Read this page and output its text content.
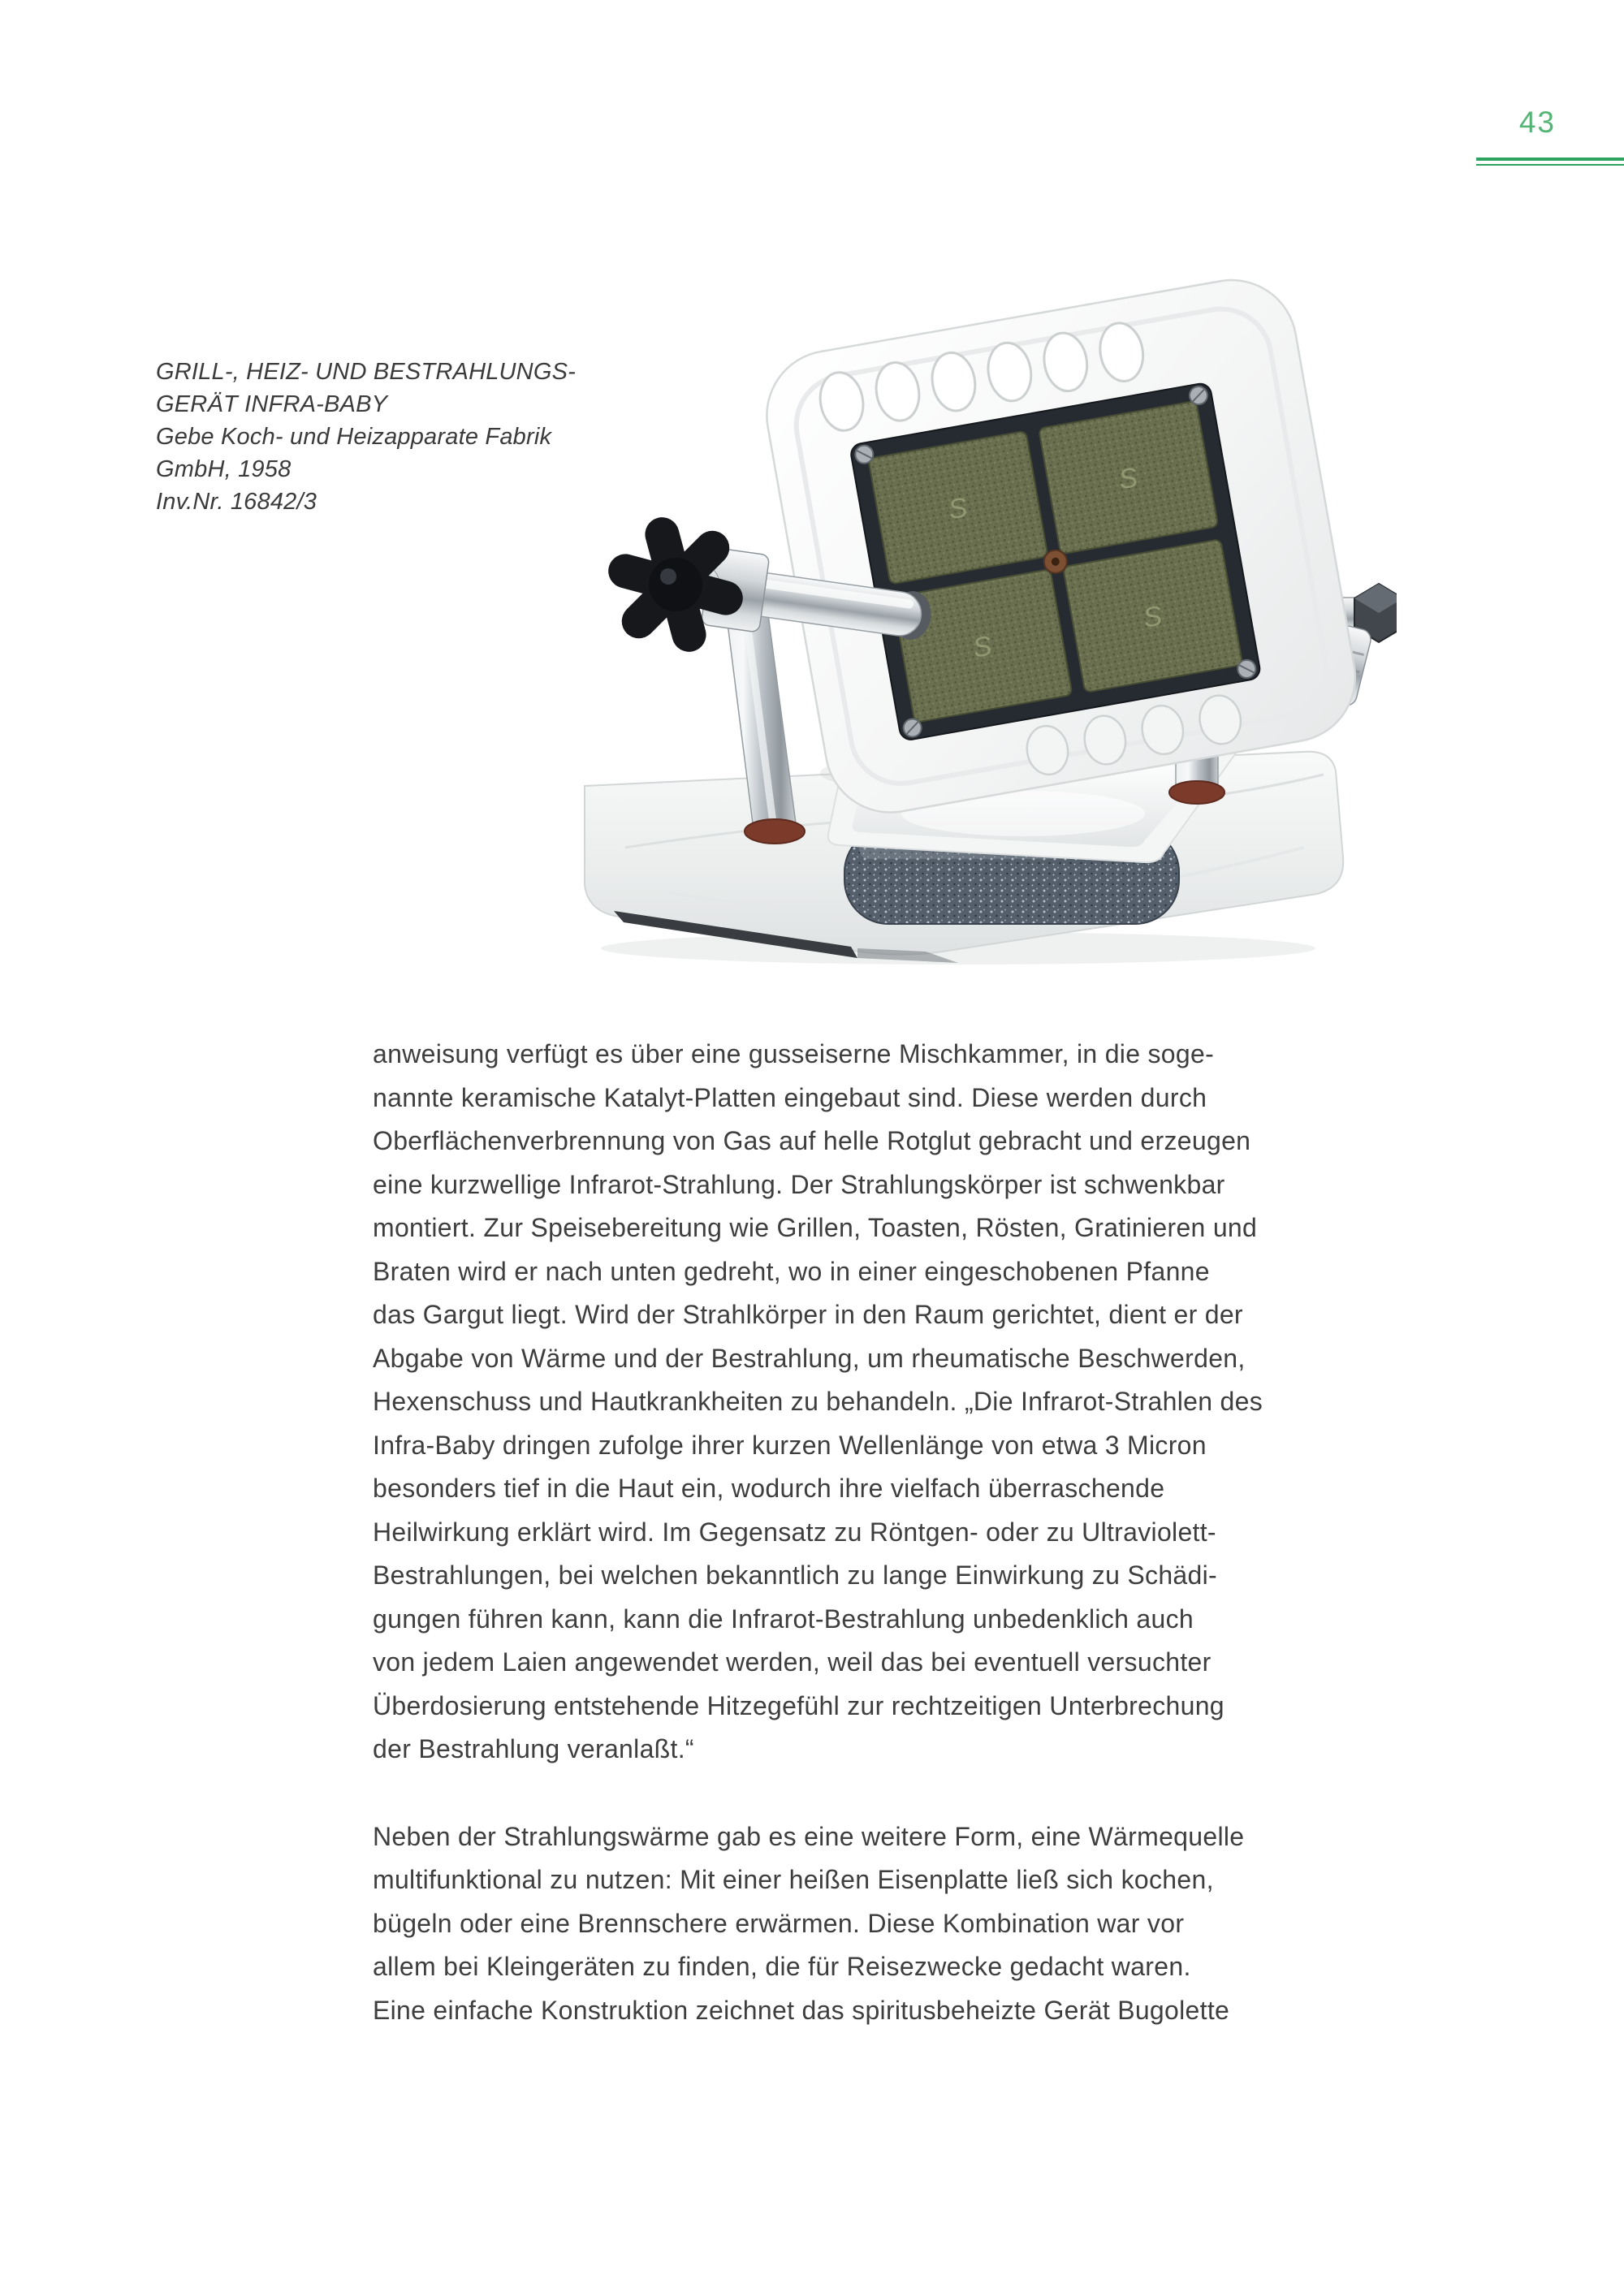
43
GRILL-, HEIZ- UND BESTRAHLUNGS-
GERÄT INFRA-BABY
Gebe Koch- und Heizapparate Fabrik
GmbH, 1958
Inv.Nr. 16842/3	S
S
S
S
anweisung verfügt es über eine gusseiserne Mischkammer, in die soge-
nannte keramische Katalyt-Platten eingebaut sind. Diese werden durch
Oberflächenverbrennung von Gas auf helle Rotglut gebracht und erzeugen
eine kurzwellige Infrarot-Strahlung. Der Strahlungskörper ist schwenkbar
montiert. Zur Speisebereitung wie Grillen, Toasten, Rösten, Gratinieren und
Braten wird er nach unten gedreht, wo in einer eingeschobenen Pfanne
das Gargut liegt. Wird der Strahlkörper in den Raum gerichtet, dient er der
Abgabe von Wärme und der Bestrahlung, um rheumatische Beschwerden,
Hexenschuss und Hautkrankheiten zu behandeln. „Die Infrarot-Strahlen des
Infra-Baby dringen zufolge ihrer kurzen Wellenlänge von etwa 3 Micron
besonders tief in die Haut ein, wodurch ihre vielfach überraschende
Heilwirkung erklärt wird. Im Gegensatz zu Röntgen- oder zu Ultraviolett-
Bestrahlungen, bei welchen bekanntlich zu lange Einwirkung zu Schädi-
gungen führen kann, kann die Infrarot-Bestrahlung unbedenklich auch
von jedem Laien angewendet werden, weil das bei eventuell versuchter
Überdosierung entstehende Hitzegefühl zur rechtzeitigen Unterbrechung
der Bestrahlung veranlaßt.“
Neben der Strahlungswärme gab es eine weitere Form, eine Wärmequelle
multifunktional zu nutzen: Mit einer heißen Eisenplatte ließ sich kochen,
bügeln oder eine Brennschere erwärmen. Diese Kombination war vor
allem bei Kleingeräten zu finden, die für Reisezwecke gedacht waren.
Eine einfache Konstruktion zeichnet das spiritusbeheizte Gerät Bugolette
